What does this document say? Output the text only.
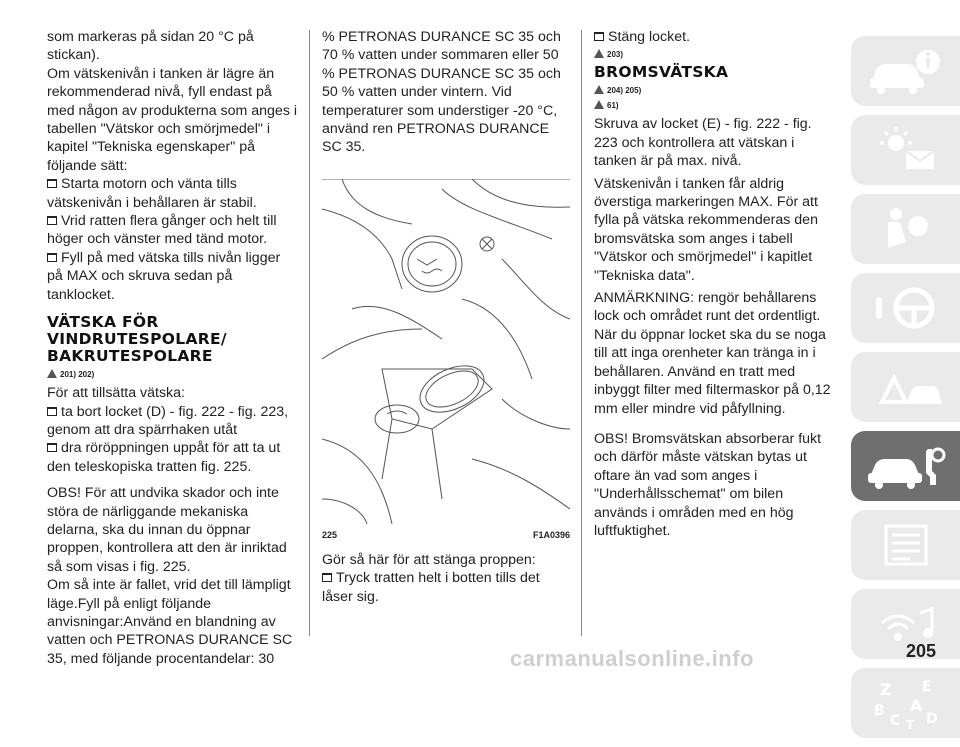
som markeras på sidan 20 °C på stickan).

Om vätskenivån i tanken är lägre än rekommenderad nivå, fyll endast på med någon av produkterna som anges i tabellen "Vätskor och smörjmedel" i kapitel "Tekniska egenskaper" på följande sätt:

Starta motorn och vänta tills vätskenivån i behållaren är stabil.

Vrid ratten flera gånger och helt till höger och vänster med tänd motor.

Fyll på med vätska tills nivån ligger på MAX och skruva sedan på tanklocket.

VÄTSKA FÖR VINDRUTESPOLARE/ BAKRUTESPOLARE
201) 202)

För att tillsätta vätska:

ta bort locket (D) - fig. 222 - fig. 223, genom att dra spärrhaken utåt

dra röröppningen uppåt för att ta ut den teleskopiska tratten fig. 225.

OBS! För att undvika skador och inte störa de närliggande mekaniska delarna, ska du innan du öppnar proppen, kontrollera att den är inriktad så som visas i fig. 225.

Om så inte är fallet, vrid det till lämpligt läge.Fyll på enligt följande anvisningar:Använd en blandning av vatten och PETRONAS DURANCE SC 35, med följande procentandelar: 30

% PETRONAS DURANCE SC 35 och 70 % vatten under sommaren eller 50 % PETRONAS DURANCE SC 35 och 50 % vatten under vintern. Vid temperaturer som understiger -20 °C, använd ren PETRONAS DURANCE SC 35.

225	F1A0396

Gör så här för att stänga proppen:

Tryck tratten helt i botten tills det låser sig.

Stäng locket.

203)
BROMSVÄTSKA
204) 205)
61)

Skruva av locket (E) - fig. 222 - fig. 223 och kontrollera att vätskan i tanken är på max. nivå.

Vätskenivån i tanken får aldrig överstiga markeringen MAX. För att fylla på vätska rekommenderas den bromsvätska som anges i tabell "Vätskor och smörjmedel" i kapitlet "Tekniska data".

ANMÄRKNING: rengör behållarens lock och området runt det ordentligt. När du öppnar locket ska du se noga till att inga orenheter kan tränga in i behållaren. Använd en tratt med inbyggt filter med filtermaskor på 0,12 mm eller mindre vid påfyllning.

OBS! Bromsvätskan absorberar fukt och därför måste vätskan bytas ut oftare än vad som anges i "Underhållsschemat" om bilen används i områden med en hög luftfuktighet.

Z E
B A
C T D
carmanualsonline.info	205
